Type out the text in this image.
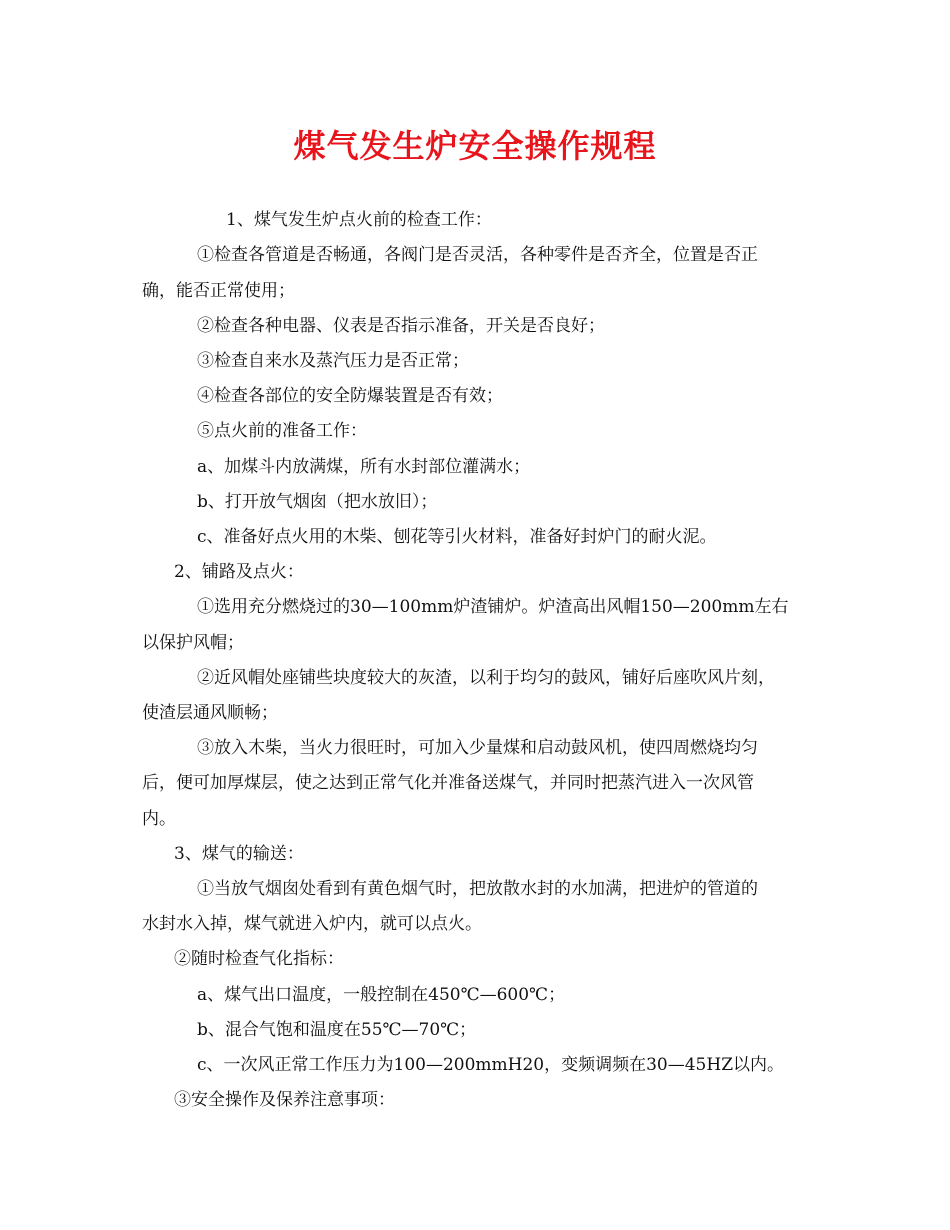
煤气发生炉安全操作规程
1、煤气发生炉点火前的检查工作：
①检查各管道是否畅通，各阀门是否灵活，各种零件是否齐全，位置是否正
确，能否正常使用；
②检查各种电器、仪表是否指示准备，开关是否良好；
③检查自来水及蒸汽压力是否正常；
④检查各部位的安全防爆装置是否有效；
⑤点火前的准备工作：
a、加煤斗内放满煤，所有水封部位灌满水；
b、打开放气烟囱（把水放旧）；
c、准备好点火用的木柴、刨花等引火材料，准备好封炉门的耐火泥。
2、铺路及点火：
①选用充分燃烧过的30—100mm炉渣铺炉。炉渣高出风帽150—200mm左右
以保护风帽；
②近风帽处座铺些块度较大的灰渣，以利于均匀的鼓风，铺好后座吹风片刻，
使渣层通风顺畅；
③放入木柴，当火力很旺时，可加入少量煤和启动鼓风机，使四周燃烧均匀
后，便可加厚煤层，使之达到正常气化并准备送煤气，并同时把蒸汽进入一次风管
内。
3、煤气的输送：
①当放气烟囱处看到有黄色烟气时，把放散水封的水加满，把进炉的管道的
水封水入掉，煤气就进入炉内，就可以点火。
②随时检查气化指标：
a、煤气出口温度，一般控制在450℃—600℃；
b、混合气饱和温度在55℃—70℃；
c、一次风正常工作压力为100—200mmH20，变频调频在30—45HZ以内。
③安全操作及保养注意事项：
